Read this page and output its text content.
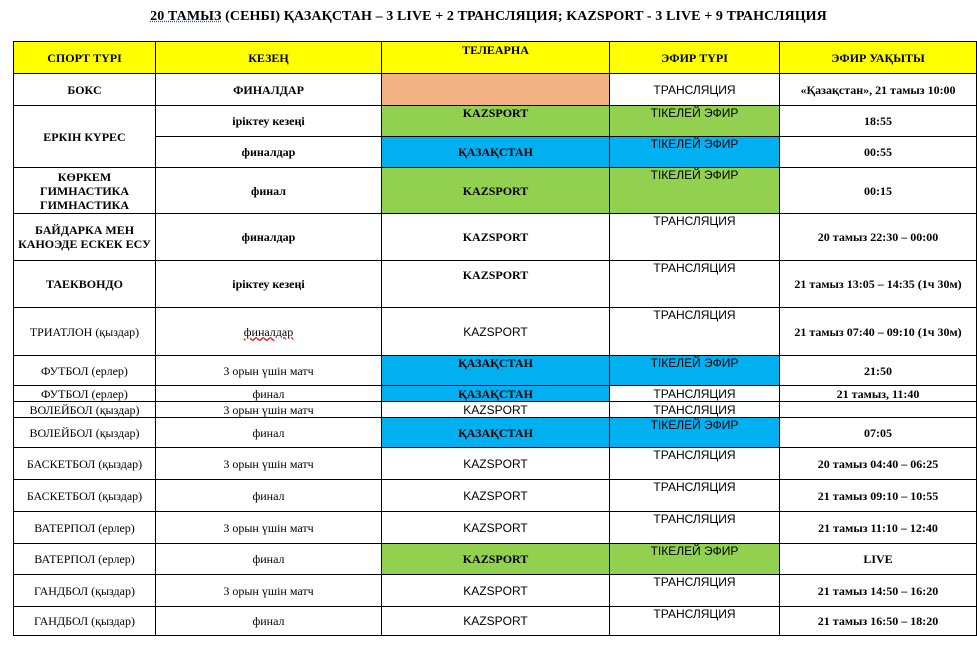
20 ТАМЫЗ (СЕНБІ) ҚАЗАҚСТАН – 3 LIVE + 2 ТРАНСЛЯЦИЯ; KAZSPORT - 3 LIVE + 9 ТРАНСЛЯЦИЯ
СПОРТ ТҮРІ	КЕЗЕҢ	ТЕЛЕАРНА	ЭФИР ТҮРІ	ЭФИР УАҚЫТЫ
БОКС	ФИНАЛДАР		ТРАНСЛЯЦИЯ	«Қазақстан», 21 тамыз 10:00
ЕРКІН КҮРЕС	іріктеу кезеңі	KAZSPORT	ТІКЕЛЕЙ ЭФИР	18:55
	финалдар	ҚАЗАҚСТАН	ТІКЕЛЕЙ ЭФИР	00:55
КӨРКЕМ ГИМНАСТИКА ГИМНАСТИКА	финал	KAZSPORT	ТІКЕЛЕЙ ЭФИР	00:15
БАЙДАРКА МЕН КАНОЭДЕ ЕСКЕК ЕСУ	финалдар	KAZSPORT	ТРАНСЛЯЦИЯ	20 тамыз 22:30 – 00:00
ТАЕКВОНДО	іріктеу кезеңі	KAZSPORT	ТРАНСЛЯЦИЯ	21 тамыз 13:05 – 14:35 (1ч 30м)
ТРИАТЛОН (қыздар)	финалдар	KAZSPORT	ТРАНСЛЯЦИЯ	21 тамыз 07:40 – 09:10 (1ч 30м)
ФУТБОЛ (ерлер)	3 орын үшін матч	ҚАЗАҚСТАН	ТІКЕЛЕЙ ЭФИР	21:50
ФУТБОЛ (ерлер)	финал	ҚАЗАҚСТАН	ТРАНСЛЯЦИЯ	21 тамыз, 11:40
ВОЛЕЙБОЛ (қыздар)	3 орын үшін матч	KAZSPORT	ТРАНСЛЯЦИЯ	
ВОЛЕЙБОЛ (қыздар)	финал	ҚАЗАҚСТАН	ТІКЕЛЕЙ ЭФИР	07:05
БАСКЕТБОЛ (қыздар)	3 орын үшін матч	KAZSPORT	ТРАНСЛЯЦИЯ	20 тамыз 04:40 – 06:25
БАСКЕТБОЛ (қыздар)	финал	KAZSPORT	ТРАНСЛЯЦИЯ	21 тамыз 09:10 – 10:55
ВАТЕРПОЛ (ерлер)	3 орын үшін матч	KAZSPORT	ТРАНСЛЯЦИЯ	21 тамыз 11:10 – 12:40
ВАТЕРПОЛ (ерлер)	финал	KAZSPORT	ТІКЕЛЕЙ ЭФИР	LIVE
ГАНДБОЛ (қыздар)	3 орын үшін матч	KAZSPORT	ТРАНСЛЯЦИЯ	21 тамыз 14:50 – 16:20
ГАНДБОЛ (қыздар)	финал	KAZSPORT	ТРАНСЛЯЦИЯ	21 тамыз 16:50 – 18:20
